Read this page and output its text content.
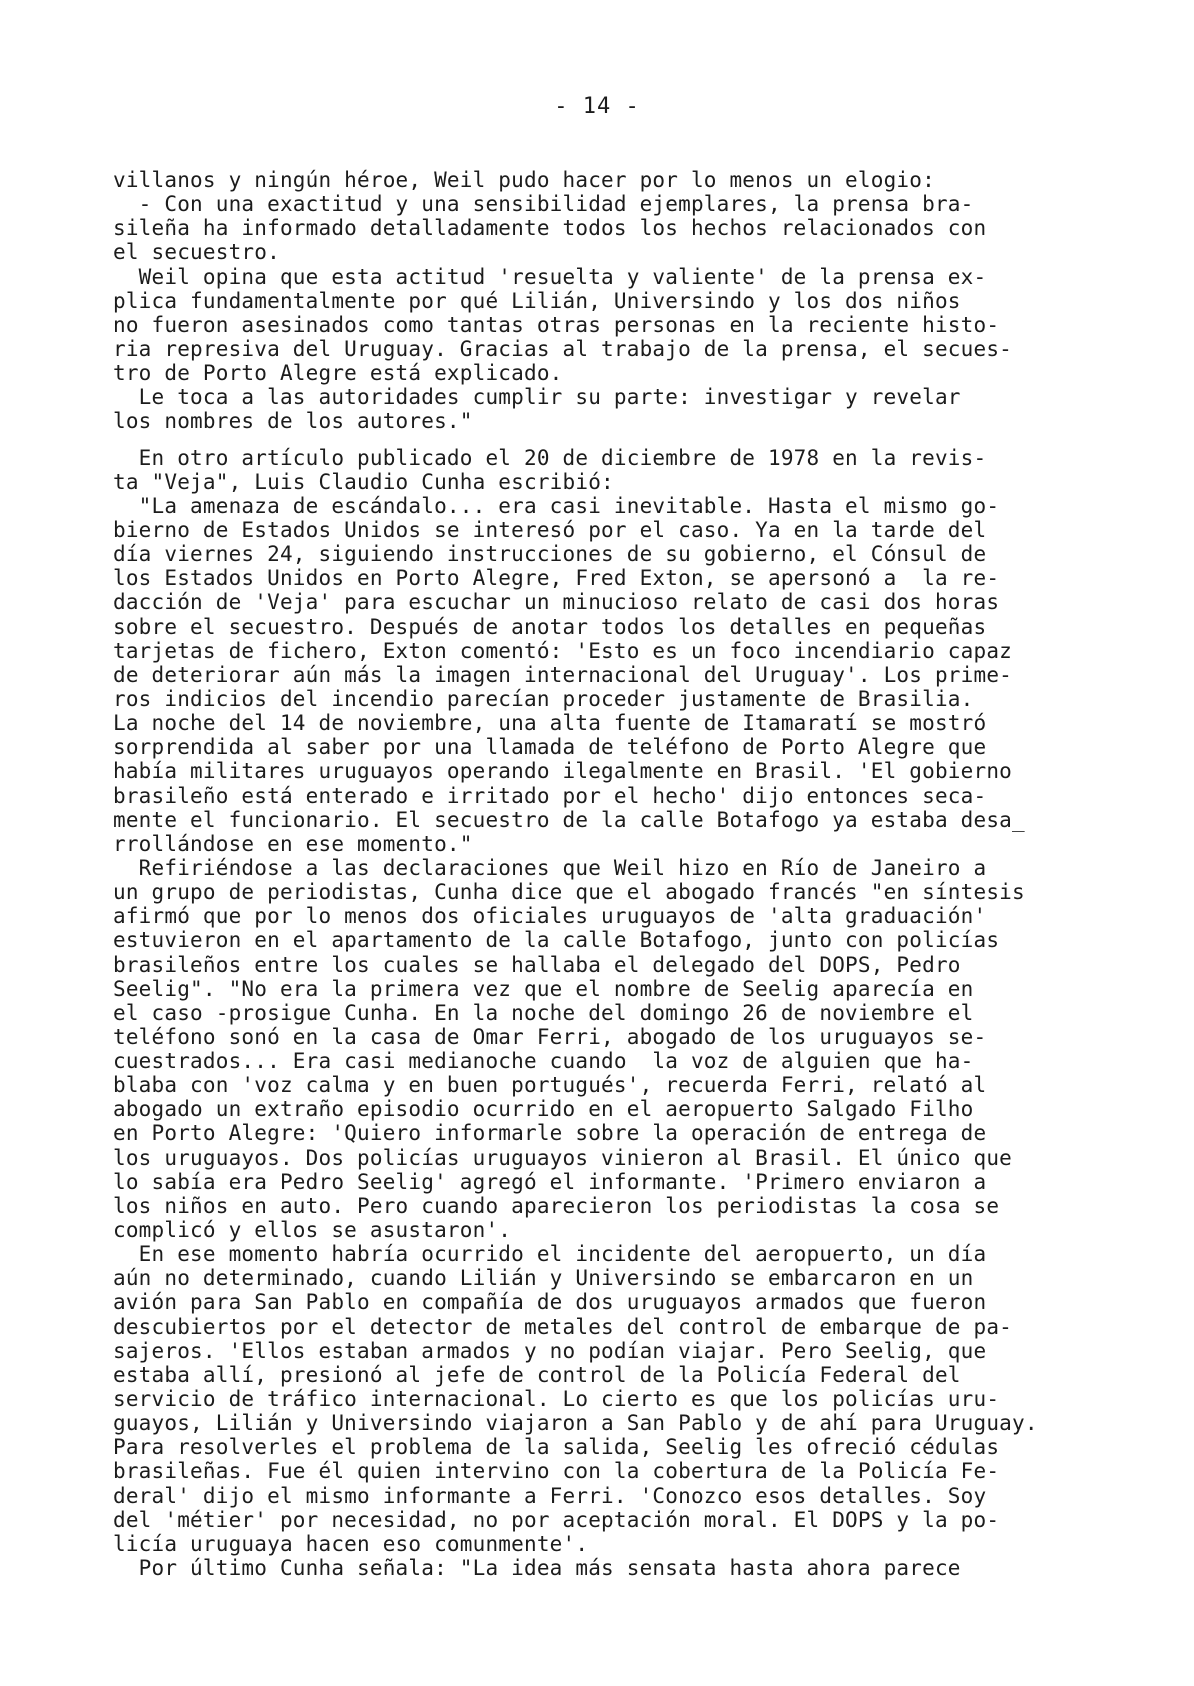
- 14 -
villanos y ningún héroe, Weil pudo hacer por lo menos un elogio:
- Con una exactitud y una sensibilidad ejemplares, la prensa bra-
sileña ha informado detalladamente todos los hechos relacionados con
el secuestro.
Weil opina que esta actitud 'resuelta y valiente' de la prensa ex-
plica fundamentalmente por qué Lilián, Universindo y los dos niños
no fueron asesinados como tantas otras personas en la reciente histo-
ria represiva del Uruguay. Gracias al trabajo de la prensa, el secues-
tro de Porto Alegre está explicado.
Le toca a las autoridades cumplir su parte: investigar y revelar
los nombres de los autores."
En otro artículo publicado el 20 de diciembre de 1978 en la revis-
ta "Veja", Luis Claudio Cunha escribió:
"La amenaza de escándalo... era casi inevitable. Hasta el mismo go-
bierno de Estados Unidos se interesó por el caso. Ya en la tarde del
día viernes 24, siguiendo instrucciones de su gobierno, el Cónsul de
los Estados Unidos en Porto Alegre, Fred Exton, se apersonó a  la re-
dacción de 'Veja' para escuchar un minucioso relato de casi dos horas
sobre el secuestro. Después de anotar todos los detalles en pequeñas
tarjetas de fichero, Exton comentó: 'Esto es un foco incendiario capaz
de deteriorar aún más la imagen internacional del Uruguay'. Los prime-
ros indicios del incendio parecían proceder justamente de Brasilia.
La noche del 14 de noviembre, una alta fuente de Itamaratí se mostró
sorprendida al saber por una llamada de teléfono de Porto Alegre que
había militares uruguayos operando ilegalmente en Brasil. 'El gobierno
brasileño está enterado e irritado por el hecho' dijo entonces seca-
mente el funcionario. El secuestro de la calle Botafogo ya estaba desa_
rrollándose en ese momento."
Refiriéndose a las declaraciones que Weil hizo en Río de Janeiro a
un grupo de periodistas, Cunha dice que el abogado francés "en síntesis
afirmó que por lo menos dos oficiales uruguayos de 'alta graduación'
estuvieron en el apartamento de la calle Botafogo, junto con policías
brasileños entre los cuales se hallaba el delegado del DOPS, Pedro
Seelig". "No era la primera vez que el nombre de Seelig aparecía en
el caso -prosigue Cunha. En la noche del domingo 26 de noviembre el
teléfono sonó en la casa de Omar Ferri, abogado de los uruguayos se-
cuestrados... Era casi medianoche cuando  la voz de alguien que ha-
blaba con 'voz calma y en buen portugués', recuerda Ferri, relató al
abogado un extraño episodio ocurrido en el aeropuerto Salgado Filho
en Porto Alegre: 'Quiero informarle sobre la operación de entrega de
los uruguayos. Dos policías uruguayos vinieron al Brasil. El único que
lo sabía era Pedro Seelig' agregó el informante. 'Primero enviaron a
los niños en auto. Pero cuando aparecieron los periodistas la cosa se
complicó y ellos se asustaron'.
En ese momento habría ocurrido el incidente del aeropuerto, un día
aún no determinado, cuando Lilián y Universindo se embarcaron en un
avión para San Pablo en compañía de dos uruguayos armados que fueron
descubiertos por el detector de metales del control de embarque de pa-
sajeros. 'Ellos estaban armados y no podían viajar. Pero Seelig, que
estaba allí, presionó al jefe de control de la Policía Federal del
servicio de tráfico internacional. Lo cierto es que los policías uru-
guayos, Lilián y Universindo viajaron a San Pablo y de ahí para Uruguay.
Para resolverles el problema de la salida, Seelig les ofreció cédulas
brasileñas. Fue él quien intervino con la cobertura de la Policía Fe-
deral' dijo el mismo informante a Ferri. 'Conozco esos detalles. Soy
del 'métier' por necesidad, no por aceptación moral. El DOPS y la po-
licía uruguaya hacen eso comunmente'.
Por último Cunha señala: "La idea más sensata hasta ahora parece
